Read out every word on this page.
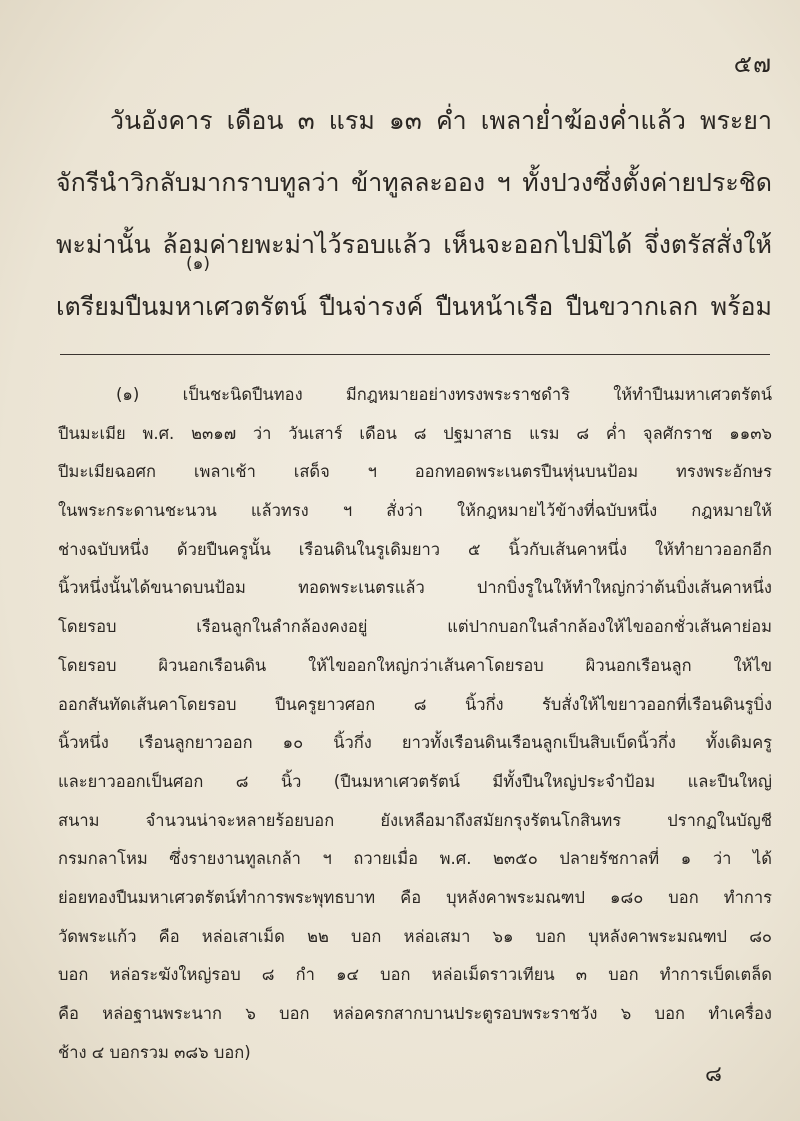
๕๗
วันอังคาร เดือน ๓ แรม ๑๓ ค่ำ เพลาย่ำฆ้องค่ำแล้ว พระยา
จักรีนำวิกลับมากราบทูลว่า ข้าทูลละออง ฯ ทั้งปวงซึ่งตั้งค่ายประชิด
พะม่านั้น ล้อมค่ายพะม่าไว้รอบแล้ว เห็นจะออกไปมิได้ จึ่งตรัสสั่งให้
เตรียมปืนมหาเศวตรัตน์ ปืนจ่ารงค์ ปืนหน้าเรือ ปืนขวากเลก พร้อม
(๑)
(๑) เป็นชะนิดปืนทอง มีกฎหมายอย่างทรงพระราชดำริ ให้ทำปืนมหาเศวตรัตน์
ปืนมะเมีย พ.ศ. ๒๓๑๗ ว่า วันเสาร์ เดือน ๘ ปฐมาสาธ แรม ๘ ค่ำ จุลศักราช ๑๑๓๖
ปีมะเมียฉอศก เพลาเช้า เสด็จ ฯ ออกทอดพระเนตรปืนหุ่นบนป้อม ทรงพระอักษร
ในพระกระดานชะนวน แล้วทรง ฯ สั่งว่า ให้กฎหมายไว้ข้างที่ฉบับหนึ่ง กฎหมายให้
ช่างฉบับหนึ่ง ด้วยปืนครูนั้น เรือนดินในรูเดิมยาว ๕ นิ้วกับเส้นคาหนึ่ง ให้ทำยาวออกอีก
นิ้วหนึ่งนั้นได้ขนาดบนป้อม ทอดพระเนตรแล้ว ปากบิ่งรูในให้ทำใหญ่กว่าต้นบิ่งเส้นคาหนึ่ง
โดยรอบ เรือนลูกในลำกล้องคงอยู่ แต่ปากบอกในลำกล้องให้ไขออกชั่วเส้นคาย่อม
โดยรอบ ผิวนอกเรือนดิน ให้ไขออกใหญ่กว่าเส้นคาโดยรอบ ผิวนอกเรือนลูก ให้ไข
ออกสันทัดเส้นคาโดยรอบ ปืนครูยาวศอก ๘ นิ้วกึ่ง รับสั่งให้ไขยาวออกที่เรือนดินรูบิ่ง
นิ้วหนึ่ง เรือนลูกยาวออก ๑๐ นิ้วกึ่ง ยาวทั้งเรือนดินเรือนลูกเป็นสิบเบ็ดนิ้วกึ่ง ทั้งเดิมครู
และยาวออกเป็นศอก ๘ นิ้ว (ปืนมหาเศวตรัตน์ มีทั้งปืนใหญ่ประจำป้อม และปืนใหญ่
สนาม จำนวนน่าจะหลายร้อยบอก ยังเหลือมาถึงสมัยกรุงรัตนโกสินทร ปรากฏในบัญชี
กรมกลาโหม ซึ่งรายงานทูลเกล้า ฯ ถวายเมื่อ พ.ศ. ๒๓๕๐ ปลายรัชกาลที่ ๑ ว่า ได้
ย่อยทองปืนมหาเศวตรัตน์ทำการพระพุทธบาท คือ บุหลังคาพระมณฑป ๑๘๐ บอก ทำการ
วัดพระแก้ว คือ หล่อเสาเม็ด ๒๒ บอก หล่อเสมา ๖๑ บอก บุหลังคาพระมณฑป ๘๐
บอก หล่อระฆังใหญ่รอบ ๘ กำ ๑๔ บอก หล่อเม็ดราวเทียน ๓ บอก ทำการเบ็ดเตล็ด
คือ หล่อฐานพระนาก ๖ บอก หล่อครกสากบานประตูรอบพระราชวัง ๖ บอก ทำเครื่อง
ช้าง ๔ บอกรวม ๓๘๖ บอก)
๘
